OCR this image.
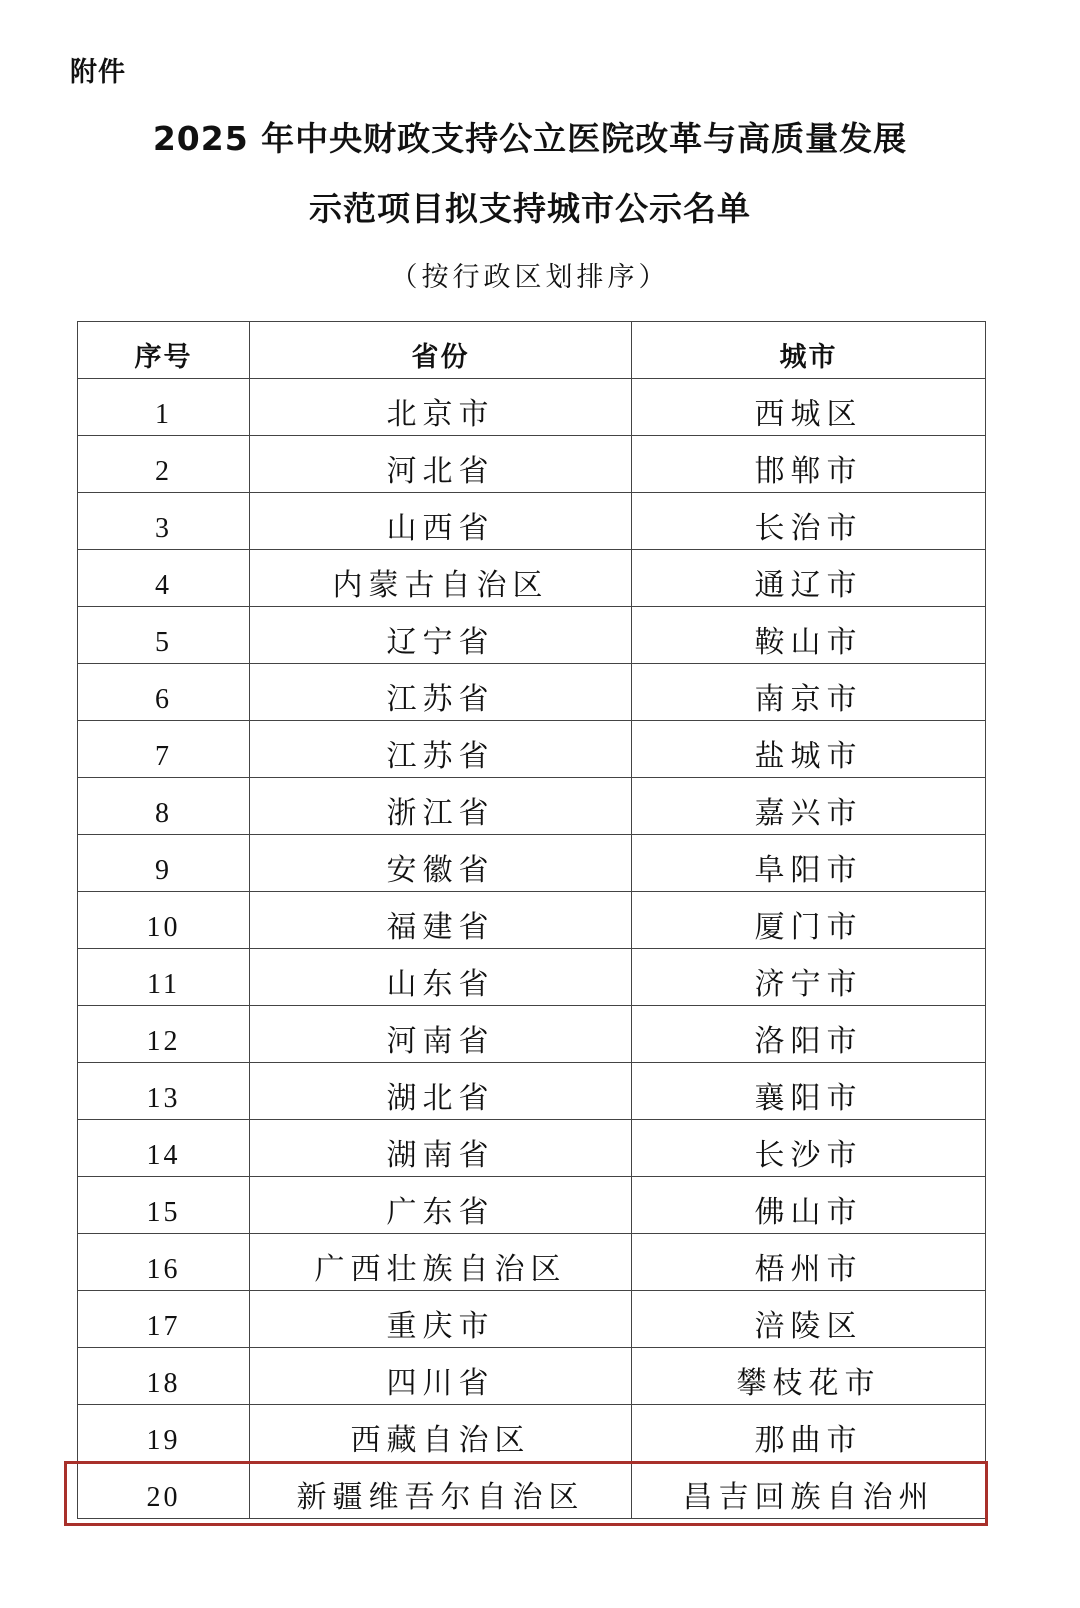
附件
2025 年中央财政支持公立医院改革与高质量发展
示范项目拟支持城市公示名单
（按行政区划排序）
序号	省份	城市
1	北京市	西城区
2	河北省	邯郸市
3	山西省	长治市
4	内蒙古自治区	通辽市
5	辽宁省	鞍山市
6	江苏省	南京市
7	江苏省	盐城市
8	浙江省	嘉兴市
9	安徽省	阜阳市
10	福建省	厦门市
11	山东省	济宁市
12	河南省	洛阳市
13	湖北省	襄阳市
14	湖南省	长沙市
15	广东省	佛山市
16	广西壮族自治区	梧州市
17	重庆市	涪陵区
18	四川省	攀枝花市
19	西藏自治区	那曲市
20	新疆维吾尔自治区	昌吉回族自治州
